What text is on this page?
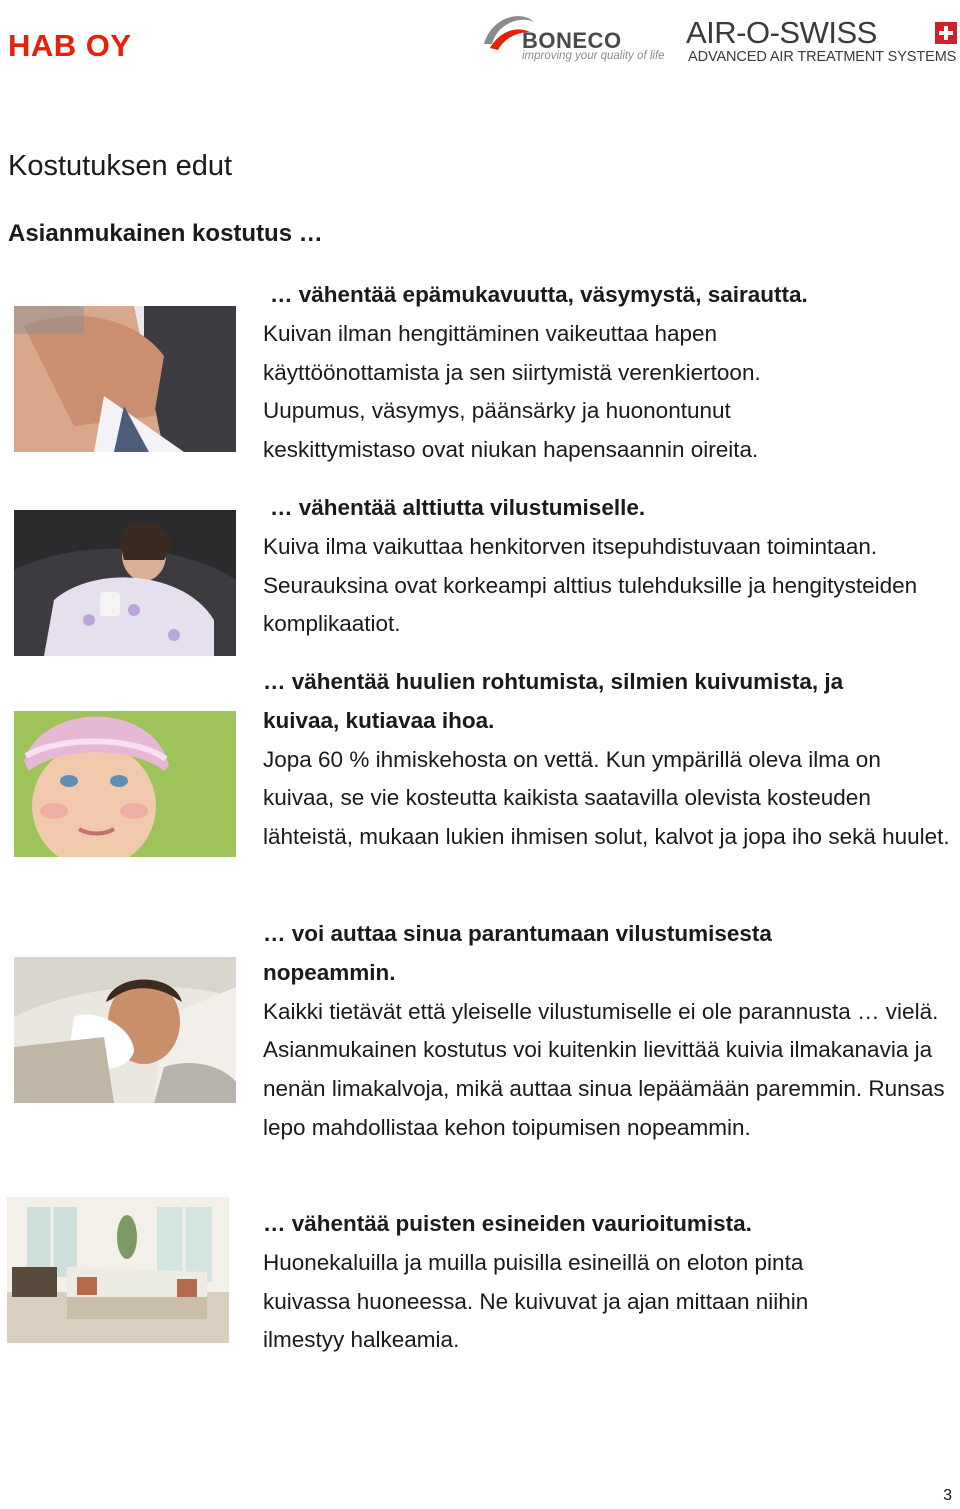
HAB OY	BONECO
improving your quality of life
AIR-O-SWISS
ADVANCED AIR TREATMENT SYSTEMS
Kostutuksen edut
Asianmukainen kostutus …
… vähentää epämukavuutta, väsymystä, sairautta.
Kuivan ilman hengittäminen vaikeuttaa hapen käyttöönottamista ja sen siirtymistä verenkiertoon. Uupumus, väsymys, päänsärky ja huonontunut keskittymistaso ovat niukan hapensaannin oireita.
… vähentää alttiutta vilustumiselle.
Kuiva ilma vaikuttaa henkitorven itsepuhdistuvaan toimintaan. Seurauksina ovat korkeampi alttius tulehduksille ja hengitysteiden komplikaatiot.
… vähentää huulien rohtumista, silmien kuivumista, ja kuivaa, kutiavaa ihoa.
Jopa 60 % ihmiskehosta on vettä. Kun ympärillä oleva ilma on kuivaa, se vie kosteutta kaikista saatavilla olevista kosteuden lähteistä, mukaan lukien ihmisen solut, kalvot ja jopa iho sekä huulet.
… voi auttaa sinua parantumaan vilustumisesta nopeammin.
Kaikki tietävät että yleiselle vilustumiselle ei ole parannusta … vielä. Asianmukainen kostutus voi kuitenkin lievittää kuivia ilmakanavia ja nenän limakalvoja, mikä auttaa sinua lepäämään paremmin. Runsas lepo mahdollistaa kehon toipumisen nopeammin.
… vähentää puisten esineiden vaurioitumista.
Huonekaluilla ja muilla puisilla esineillä on eloton pinta kuivassa huoneessa. Ne kuivuvat ja ajan mittaan niihin ilmestyy halkeamia.
3
